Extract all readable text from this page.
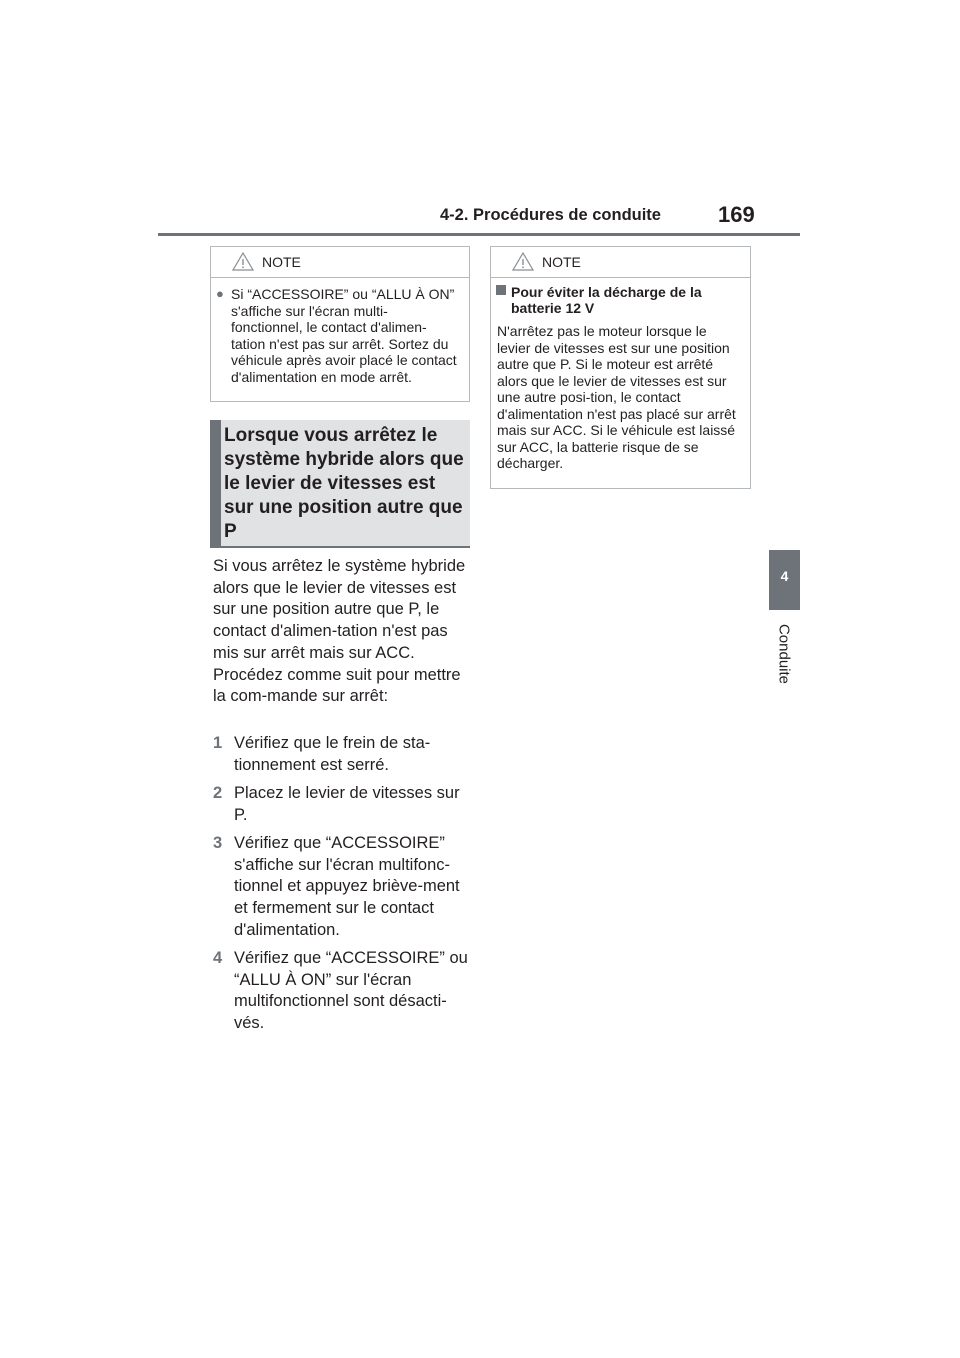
4-2. Procédures de conduite	169
4
Conduite
NOTE
● Si “ACCESSOIRE” ou “ALLU À ON” s'affiche sur l'écran multi-fonctionnel, le contact d'alimen-tation n'est pas sur arrêt. Sortez du véhicule après avoir placé le contact d'alimentation en mode arrêt.
Lorsque vous arrêtez le système hybride alors que le levier de vitesses est sur une position autre que P
Si vous arrêtez le système hybride alors que le levier de vitesses est sur une position autre que P, le contact d'alimen-tation n'est pas mis sur arrêt mais sur ACC. Procédez comme suit pour mettre la com-mande sur arrêt:
1 Vérifiez que le frein de sta-tionnement est serré.
2 Placez le levier de vitesses sur P.
3 Vérifiez que “ACCESSOIRE” s'affiche sur l'écran multifonc-tionnel et appuyez briève-ment et fermement sur le contact d'alimentation.
4 Vérifiez que “ACCESSOIRE” ou “ALLU À ON” sur l'écran multifonctionnel sont désacti-vés.
NOTE
Pour éviter la décharge de la batterie 12 V
N'arrêtez pas le moteur lorsque le levier de vitesses est sur une position autre que P. Si le moteur est arrêté alors que le levier de vitesses est sur une autre posi-tion, le contact d'alimentation n'est pas placé sur arrêt mais sur ACC. Si le véhicule est laissé sur ACC, la batterie risque de se décharger.
